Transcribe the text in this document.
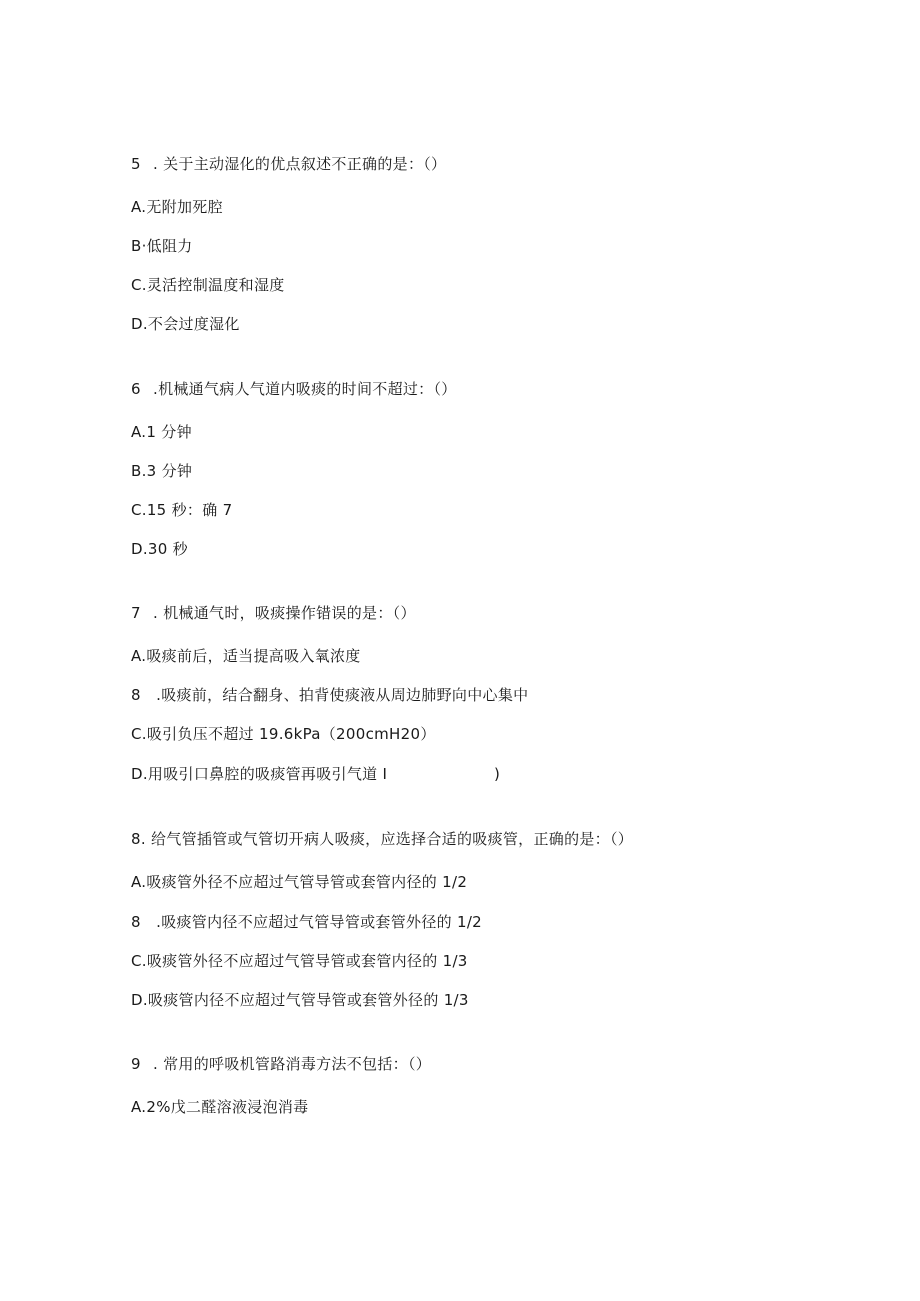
5 . 关于主动湿化的优点叙述不正确的是：（）
A.无附加死腔
B·低阻力
C.灵活控制温度和湿度
D.不会过度湿化
6 .机械通气病人气道内吸痰的时间不超过：（）
A.1 分钟
B.3 分钟
C.15 秒：确 7
D.30 秒
7 . 机械通气时，吸痰操作错误的是：（）
A.吸痰前后，适当提高吸入氧浓度
8 .吸痰前，结合翻身、拍背使痰液从周边肺野向中心集中
C.吸引负压不超过 19.6kPa（200cmH20）
D.用吸引口鼻腔的吸痰管再吸引气道 I	)
8. 给气管插管或气管切开病人吸痰，应选择合适的吸痰管，正确的是：（）
A.吸痰管外径不应超过气管导管或套管内径的 1/2
8 .吸痰管内径不应超过气管导管或套管外径的 1/2
C.吸痰管外径不应超过气管导管或套管内径的 1/3
D.吸痰管内径不应超过气管导管或套管外径的 1/3
9 . 常用的呼吸机管路消毒方法不包括：（）
A.2%戊二醛溶液浸泡消毒
